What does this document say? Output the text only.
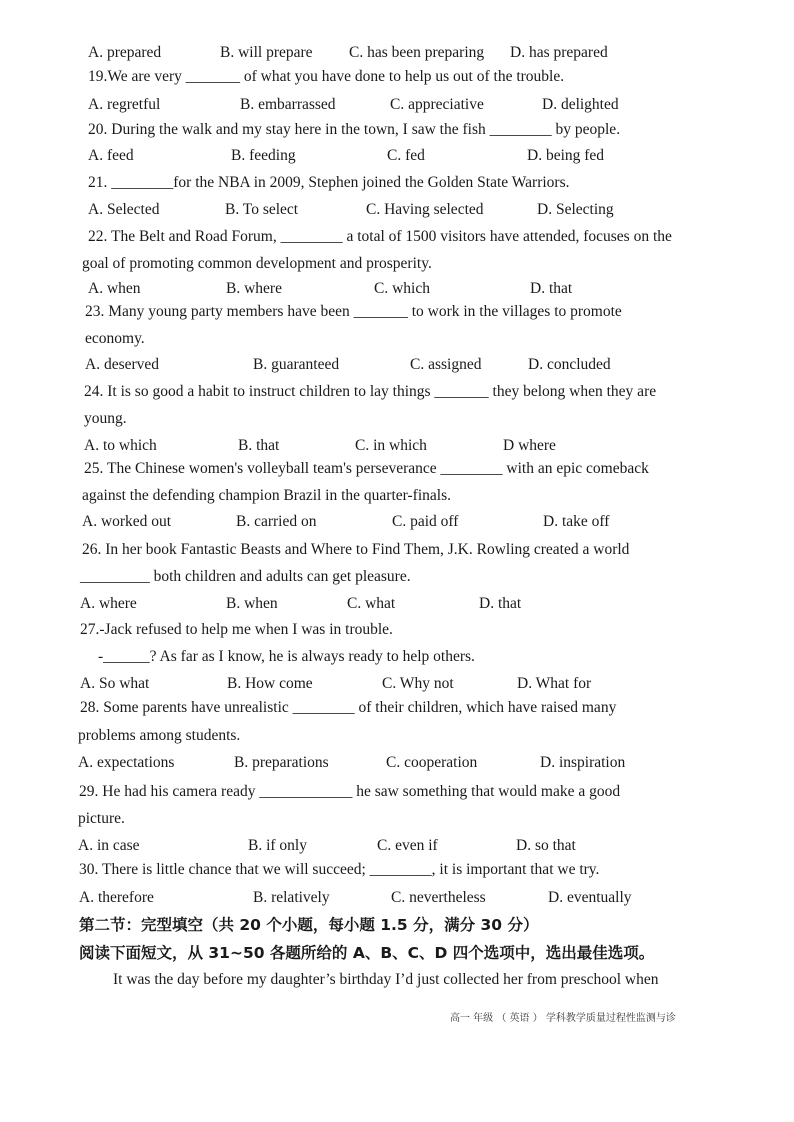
A. prepared	B. will prepare C. has been preparing D. has prepared
19.We are very _______ of what you have done to help us out of the trouble.
A. regretful	B. embarrassed	C. appreciative	D. delighted
20. During the walk and my stay here in the town, I saw the fish ________ by people.
A. feed	B. feeding	C. fed	D. being fed
21. ________for the NBA in 2009, Stephen joined the Golden State Warriors.
A. Selected	B. To select	C. Having selected	D. Selecting
22. The Belt and Road Forum, ________ a total of 1500 visitors have attended, focuses on the
goal of promoting common development and prosperity.
A. when	B. where	C. which	D. that
23. Many young party members have been _______ to work in the villages to promote
economy.
A. deserved	B. guaranteed	C. assigned	D. concluded
24. It is so good a habit to instruct children to lay things _______ they belong when they are
young.
A. to which	B. that	C. in which	D where
25. The Chinese women's volleyball team's perseverance ________ with an epic comeback
against the defending champion Brazil in the quarter-finals.
A. worked out	B. carried on	C. paid off	D. take off
26. In her book Fantastic Beasts and Where to Find Them, J.K. Rowling created a world
_________ both children and adults can get pleasure.
A. where	B. when	C. what	D. that
27.-Jack refused to help me when I was in trouble.
-______? As far as I know, he is always ready to help others.
A. So what	B. How come	C. Why not	D. What for
28. Some parents have unrealistic ________ of their children, which have raised many
problems among students.
A. expectations	B. preparations	C. cooperation	D. inspiration
29. He had his camera ready ____________ he saw something that would make a good
picture.
A. in case	B. if only	C. even if	D. so that
30. There is little chance that we will succeed; ________, it is important that we try.
A. therefore	B. relatively	C. nevertheless	D. eventually
第二节：完型填空（共 20 个小题，每小题 1.5 分，满分 30 分）
阅读下面短文，从 31~50 各题所给的 A、B、C、D 四个选项中，选出最佳选项。
It was the day before my daughter’s birthday I’d just collected her from preschool when
高一 年级 （ 英语 ） 学科教学质量过程性监测与诊
